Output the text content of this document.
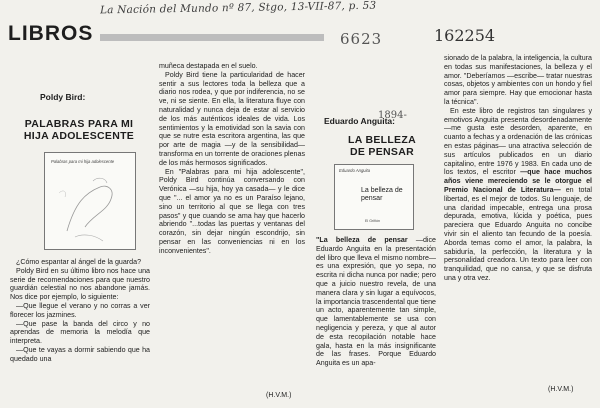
La Nación del Mundo nº 87, Stgo, 13-VII-87, p. 53
6623	162254
1894-
LIBROS
Poldy Bird:
PALABRAS PARA MI
HIJA ADOLESCENTE
Palabras para mi hija adolescente

¿Cómo espantar al ángel de la guarda?

Poldy Bird en su último libro nos hace una serie de recomendaciones para que nuestro guardián celestial no nos abandone jamás. Nos dice por ejemplo, lo siguiente:

—Que llegue el verano y no corras a ver florecer los jazmines.

—Que pase la banda del circo y no aprendas de memoria la melodía que interpreta.

—Que te vayas a dormir sabiendo que ha quedado una

muñeca destapada en el suelo.

Poldy Bird tiene la particularidad de hacer sentir a sus lectores toda la belleza que a diario nos rodea, y que por indiferencia, no se ve, ni se siente. En ella, la literatura fluye con naturalidad y nunca deja de estar al servicio de los más auténticos ideales de vida. Los sentimientos y la emotividad son la savia con que se nutre esta escritora argentina, las que por arte de magia —y de la sensibilidad— transforma en un torrente de oraciones plenas de los más hermosos significados.

En "Palabras para mi hija adolescente", Poldy Bird continúa conversando con Verónica —su hija, hoy ya casada— y le dice que "... el amor ya no es un Paraíso lejano, sino un territorio al que se llega con tres pasos" y que cuando se ama hay que hacerlo abriendo "...todas las puertas y ventanas del corazón, sin dejar ningún escondrijo, sin pensar en las conveniencias ni en los inconvenientes".

(H.V.M.)
Eduardo Anguita:
LA BELLEZA
DE PENSAR
Eduardo Anguita
La belleza de pensar
El Griñón

"La belleza de pensar —dice Eduardo Anguita en la presentación del libro que lleva el mismo nombre— es una expresión, que yo sepa, no escrita ni dicha nunca por nadie; pero que a juicio nuestro revela, de una manera clara y sin lugar a equívocos, la importancia trascendental que tiene un acto, aparentemente tan simple, que lamentablemente se usa con negligencia y pereza, y que al autor de esta recopilación notable hace gala, hasta en la más insignificante de las frases. Porque Eduardo Anguita es un apa-

sionado de la palabra, la inteligencia, la cultura en todas sus manifestaciones, la belleza y el amor. "Deberíamos —escribe— tratar nuestras cosas, objetos y ambientes con un hondo y fiel amor para siempre. Hay que emocionar hasta la técnica".

En este libro de registros tan singulares y emotivos Anguita presenta desordenadamente —me gusta este desorden, aparente, en cuanto a fechas y a ordenación de las crónicas en estas páginas— una atractiva selección de sus artículos publicados en un diario capitalino, entre 1976 y 1983. En cada uno de los textos, el escritor —que hace muchos años viene mereciendo se le otorgue el Premio Nacional de Literatura— en total libertad, es el mejor de todos. Su lenguaje, de una claridad impecable, entrega una prosa depurada, emotiva, lúcida y poética, pues pareciera que Eduardo Anguita no concibe vivir sin el aliento tan fecundo de la poesía. Aborda temas como el amor, la palabra, la sabiduría, la perfección, la literatura y la personalidad creadora. Un texto para leer con tranquilidad, que no cansa, y que se disfruta una y otra vez.

(H.V.M.)
